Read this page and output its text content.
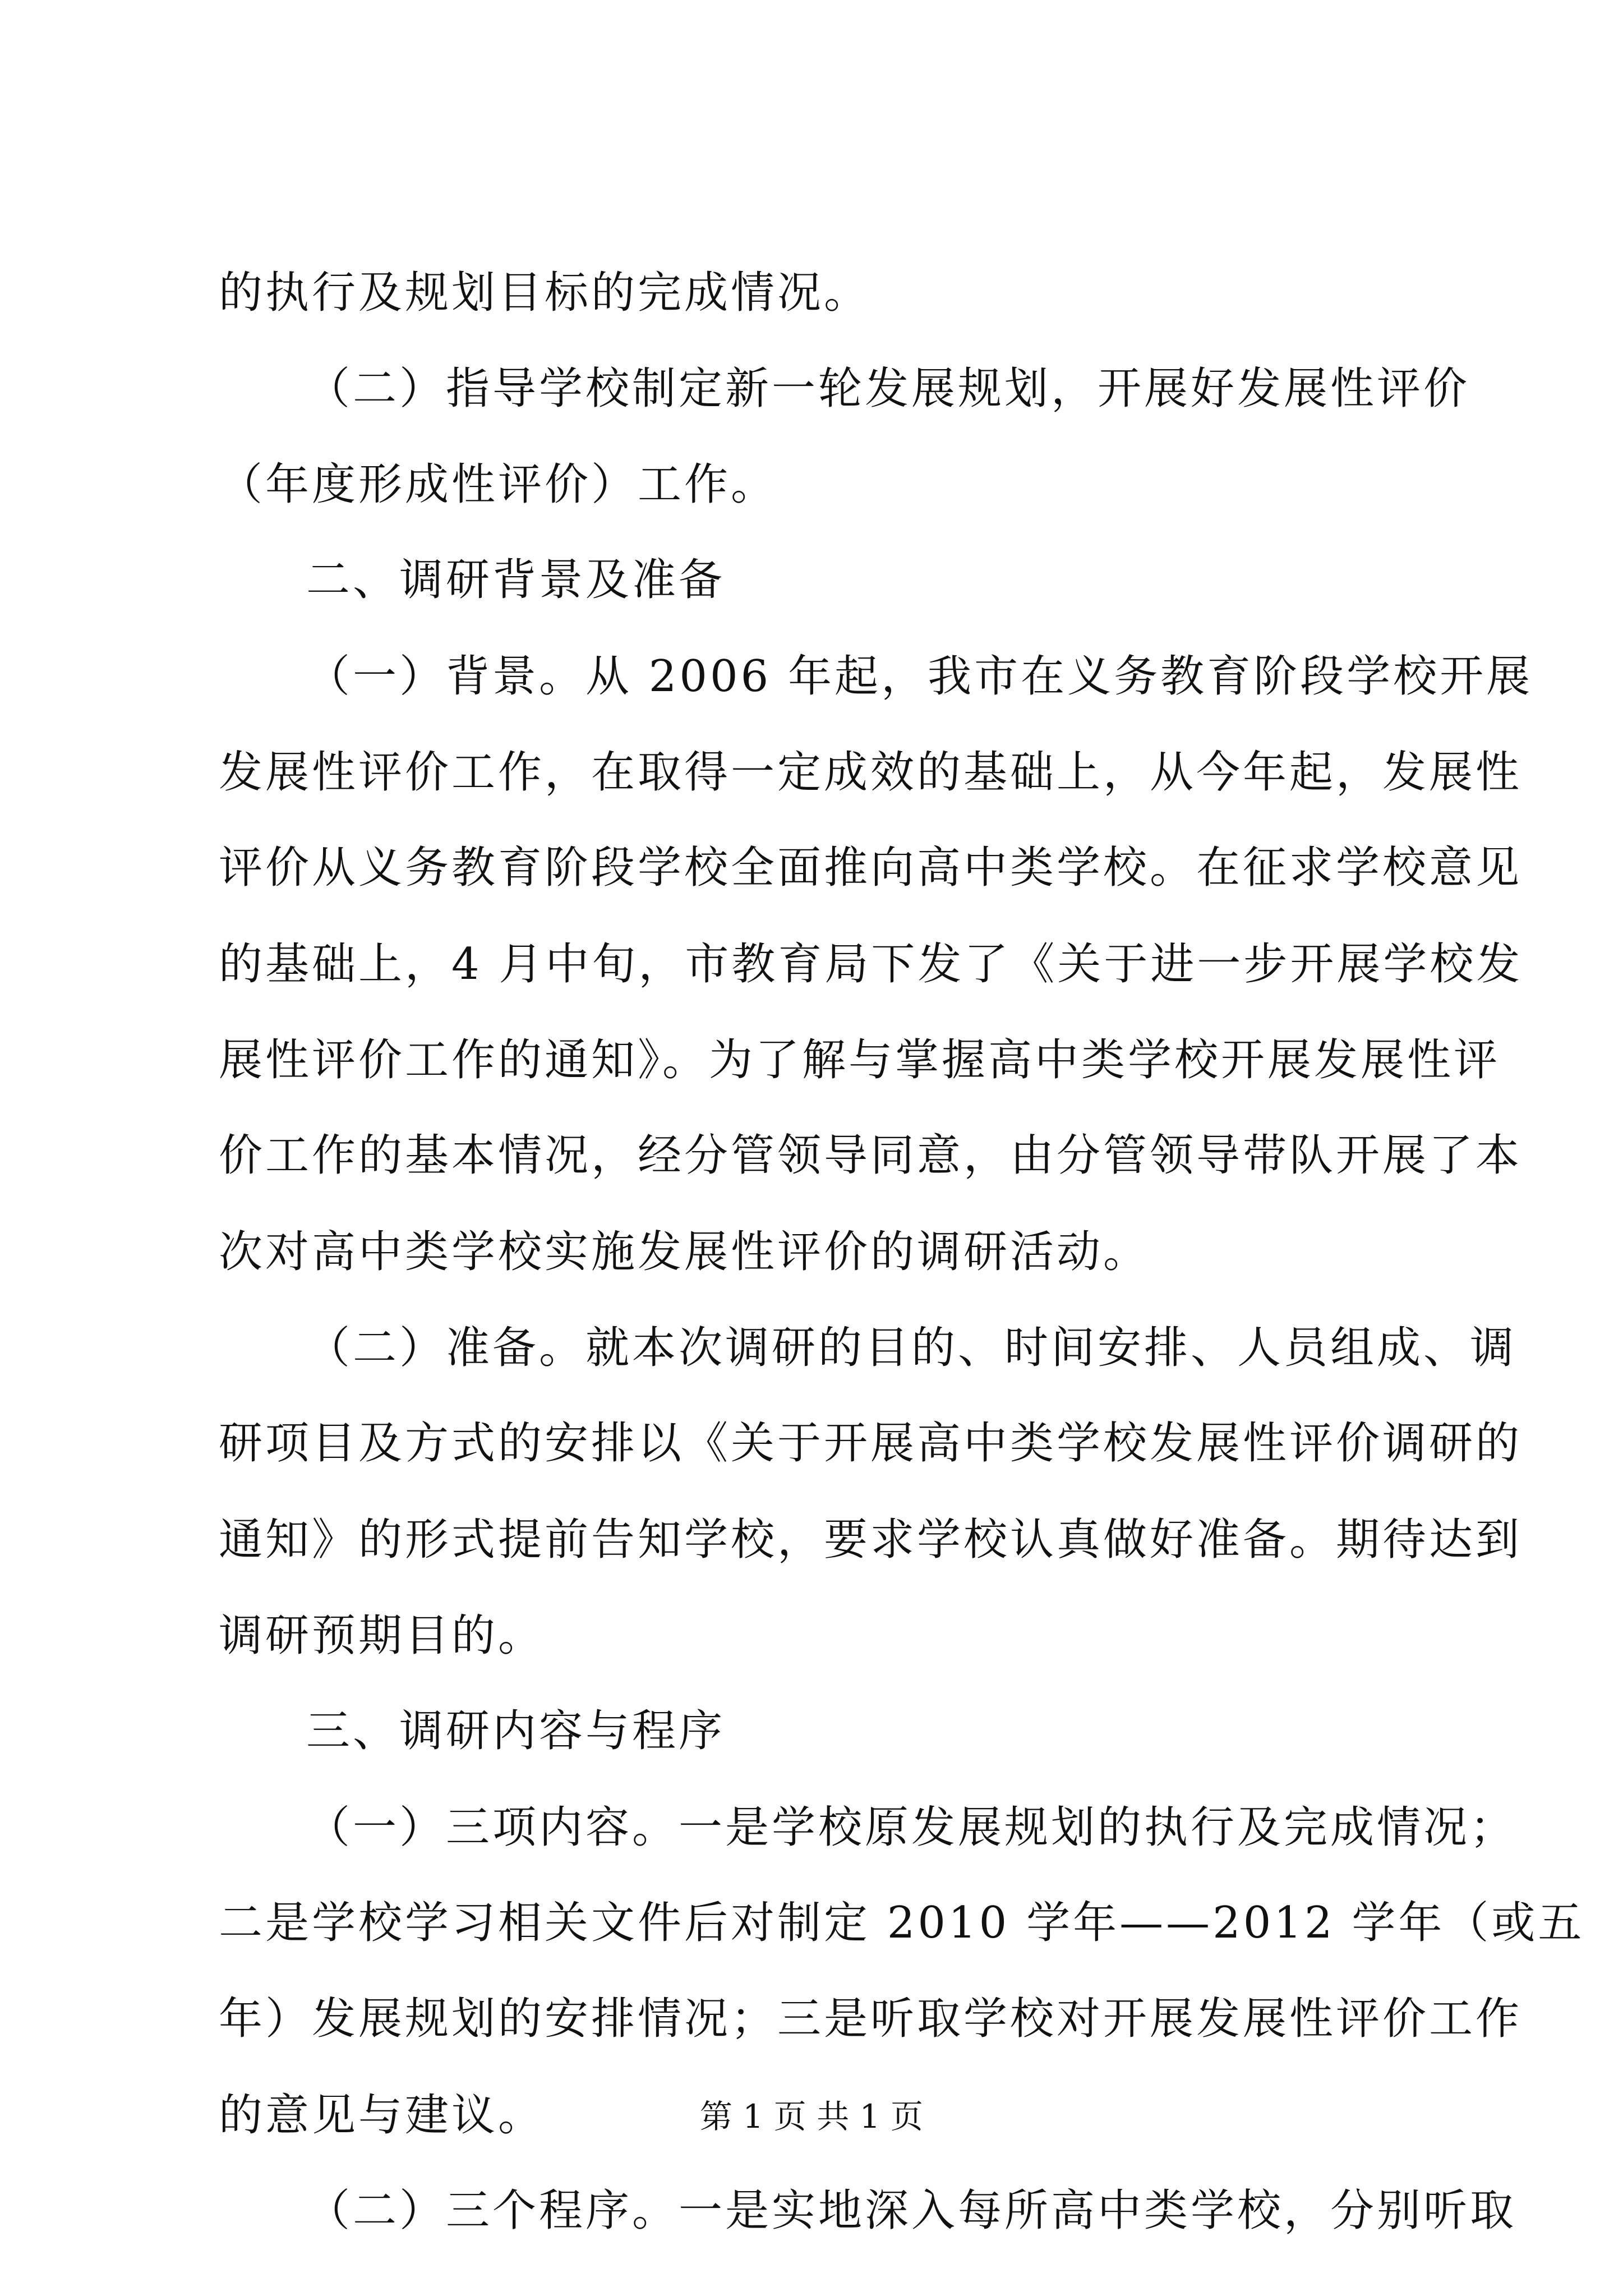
的执行及规划目标的完成情况。

（二）指导学校制定新一轮发展规划，开展好发展性评价

（年度形成性评价）工作。

二、调研背景及准备

（一）背景。从 2006 年起，我市在义务教育阶段学校开展

发展性评价工作，在取得一定成效的基础上，从今年起，发展性

评价从义务教育阶段学校全面推向高中类学校。在征求学校意见

的基础上，4 月中旬，市教育局下发了《关于进一步开展学校发

展性评价工作的通知》。为了解与掌握高中类学校开展发展性评

价工作的基本情况，经分管领导同意，由分管领导带队开展了本

次对高中类学校实施发展性评价的调研活动。

（二）准备。就本次调研的目的、时间安排、人员组成、调

研项目及方式的安排以《关于开展高中类学校发展性评价调研的

通知》的形式提前告知学校，要求学校认真做好准备。期待达到

调研预期目的。

三、调研内容与程序

（一）三项内容。一是学校原发展规划的执行及完成情况；

二是学校学习相关文件后对制定 2010 学年——2012 学年（或五

年）发展规划的安排情况；三是听取学校对开展发展性评价工作

的意见与建议。

（二）三个程序。一是实地深入每所高中类学校，分别听取

第 1 页 共 1 页
